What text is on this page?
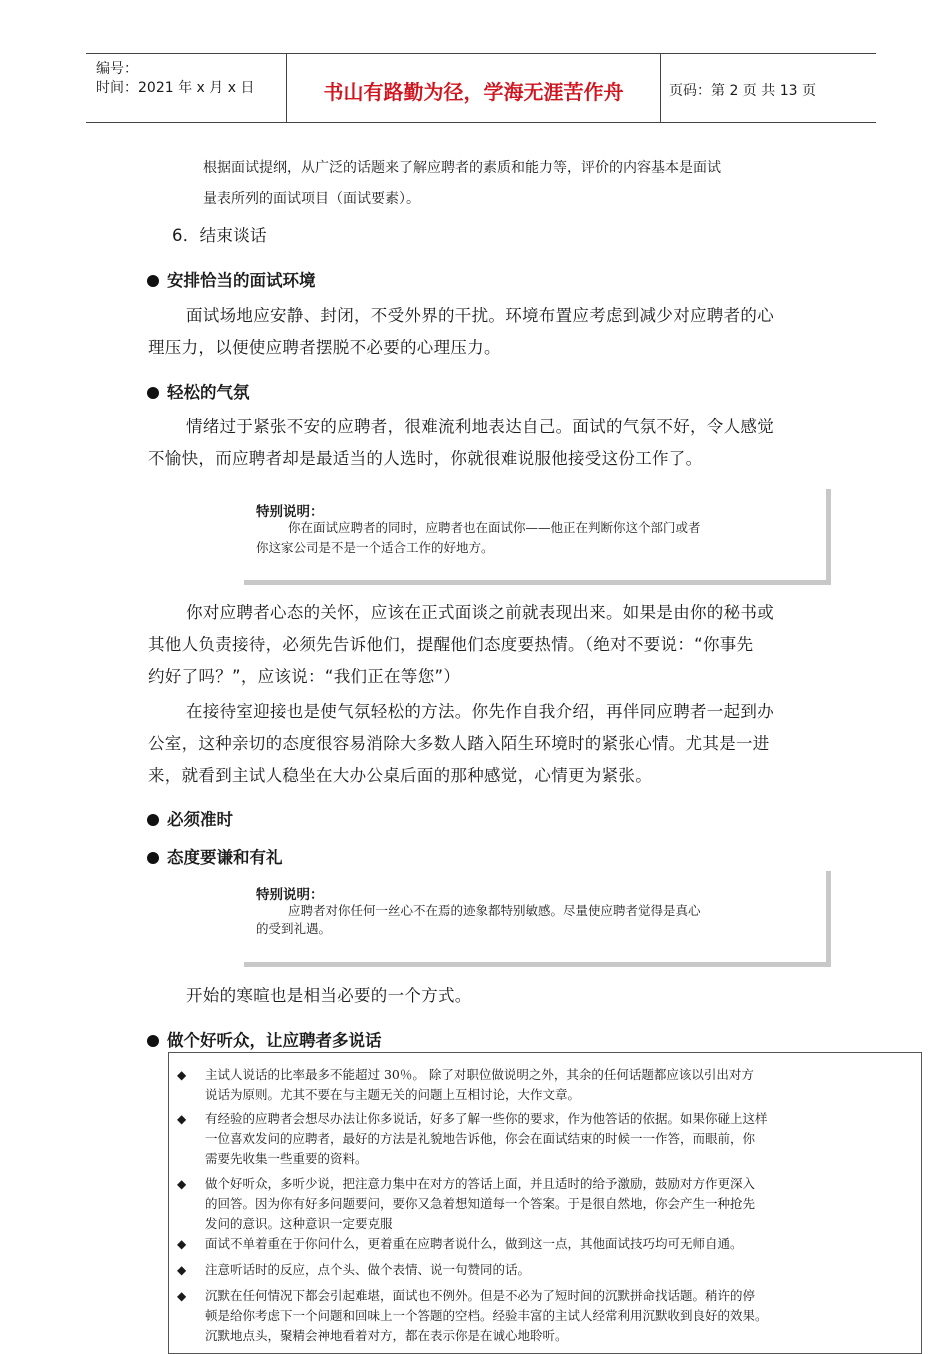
编号：
时间：2021 年 x 月 x 日	书山有路勤为径，学海无涯苦作舟	页码：第 2 页 共 13 页
根据面试提纲，从广泛的话题来了解应聘者的素质和能力等，评价的内容基本是面试
量表所列的面试项目（面试要素）。
6．结束谈话
安排恰当的面试环境
面试场地应安静、封闭，不受外界的干扰。环境布置应考虑到减少对应聘者的心
理压力，以便使应聘者摆脱不必要的心理压力。
轻松的气氛
情绪过于紧张不安的应聘者，很难流利地表达自己。面试的气氛不好，令人感觉
不愉快，而应聘者却是最适当的人选时，你就很难说服他接受这份工作了。
特别说明：
你在面试应聘者的同时，应聘者也在面试你——他正在判断你这个部门或者
你这家公司是不是一个适合工作的好地方。
你对应聘者心态的关怀，应该在正式面谈之前就表现出来。如果是由你的秘书或
其他人负责接待，必须先告诉他们，提醒他们态度要热情。（绝对不要说：“你事先
约好了吗？”，应该说：“我们正在等您”）
在接待室迎接也是使气氛轻松的方法。你先作自我介绍，再伴同应聘者一起到办
公室，这种亲切的态度很容易消除大多数人踏入陌生环境时的紧张心情。尤其是一进
来，就看到主试人稳坐在大办公桌后面的那种感觉，心情更为紧张。
必须准时
态度要谦和有礼
特别说明：
应聘者对你任何一丝心不在焉的迹象都特别敏感。尽量使应聘者觉得是真心
的受到礼遇。
开始的寒暄也是相当必要的一个方式。
做个好听众，让应聘者多说话
◆ 主试人说话的比率最多不能超过 30％。 除了对职位做说明之外，其余的任何话题都应该以引出对方
说话为原则。尤其不要在与主题无关的问题上互相讨论，大作文章。
◆ 有经验的应聘者会想尽办法让你多说话，好多了解一些你的要求，作为他答话的依据。如果你碰上这样
一位喜欢发问的应聘者，最好的方法是礼貌地告诉他，你会在面试结束的时候一一作答，而眼前，你
需要先收集一些重要的资料。
◆ 做个好听众，多听少说，把注意力集中在对方的答话上面，并且适时的给予激励，鼓励对方作更深入
的回答。因为你有好多问题要问，要你又急着想知道每一个答案。于是很自然地，你会产生一种抢先
发问的意识。这种意识一定要克服
◆ 面试不单着重在于你问什么，更着重在应聘者说什么，做到这一点，其他面试技巧均可无师自通。
◆ 注意听话时的反应，点个头、做个表情、说一句赞同的话。
◆ 沉默在任何情况下都会引起难堪，面试也不例外。但是不必为了短时间的沉默拼命找话题。稍许的停
顿是给你考虑下一个问题和回味上一个答题的空档。经验丰富的主试人经常利用沉默收到良好的效果。
沉默地点头，聚精会神地看着对方，都在表示你是在诚心地聆听。
